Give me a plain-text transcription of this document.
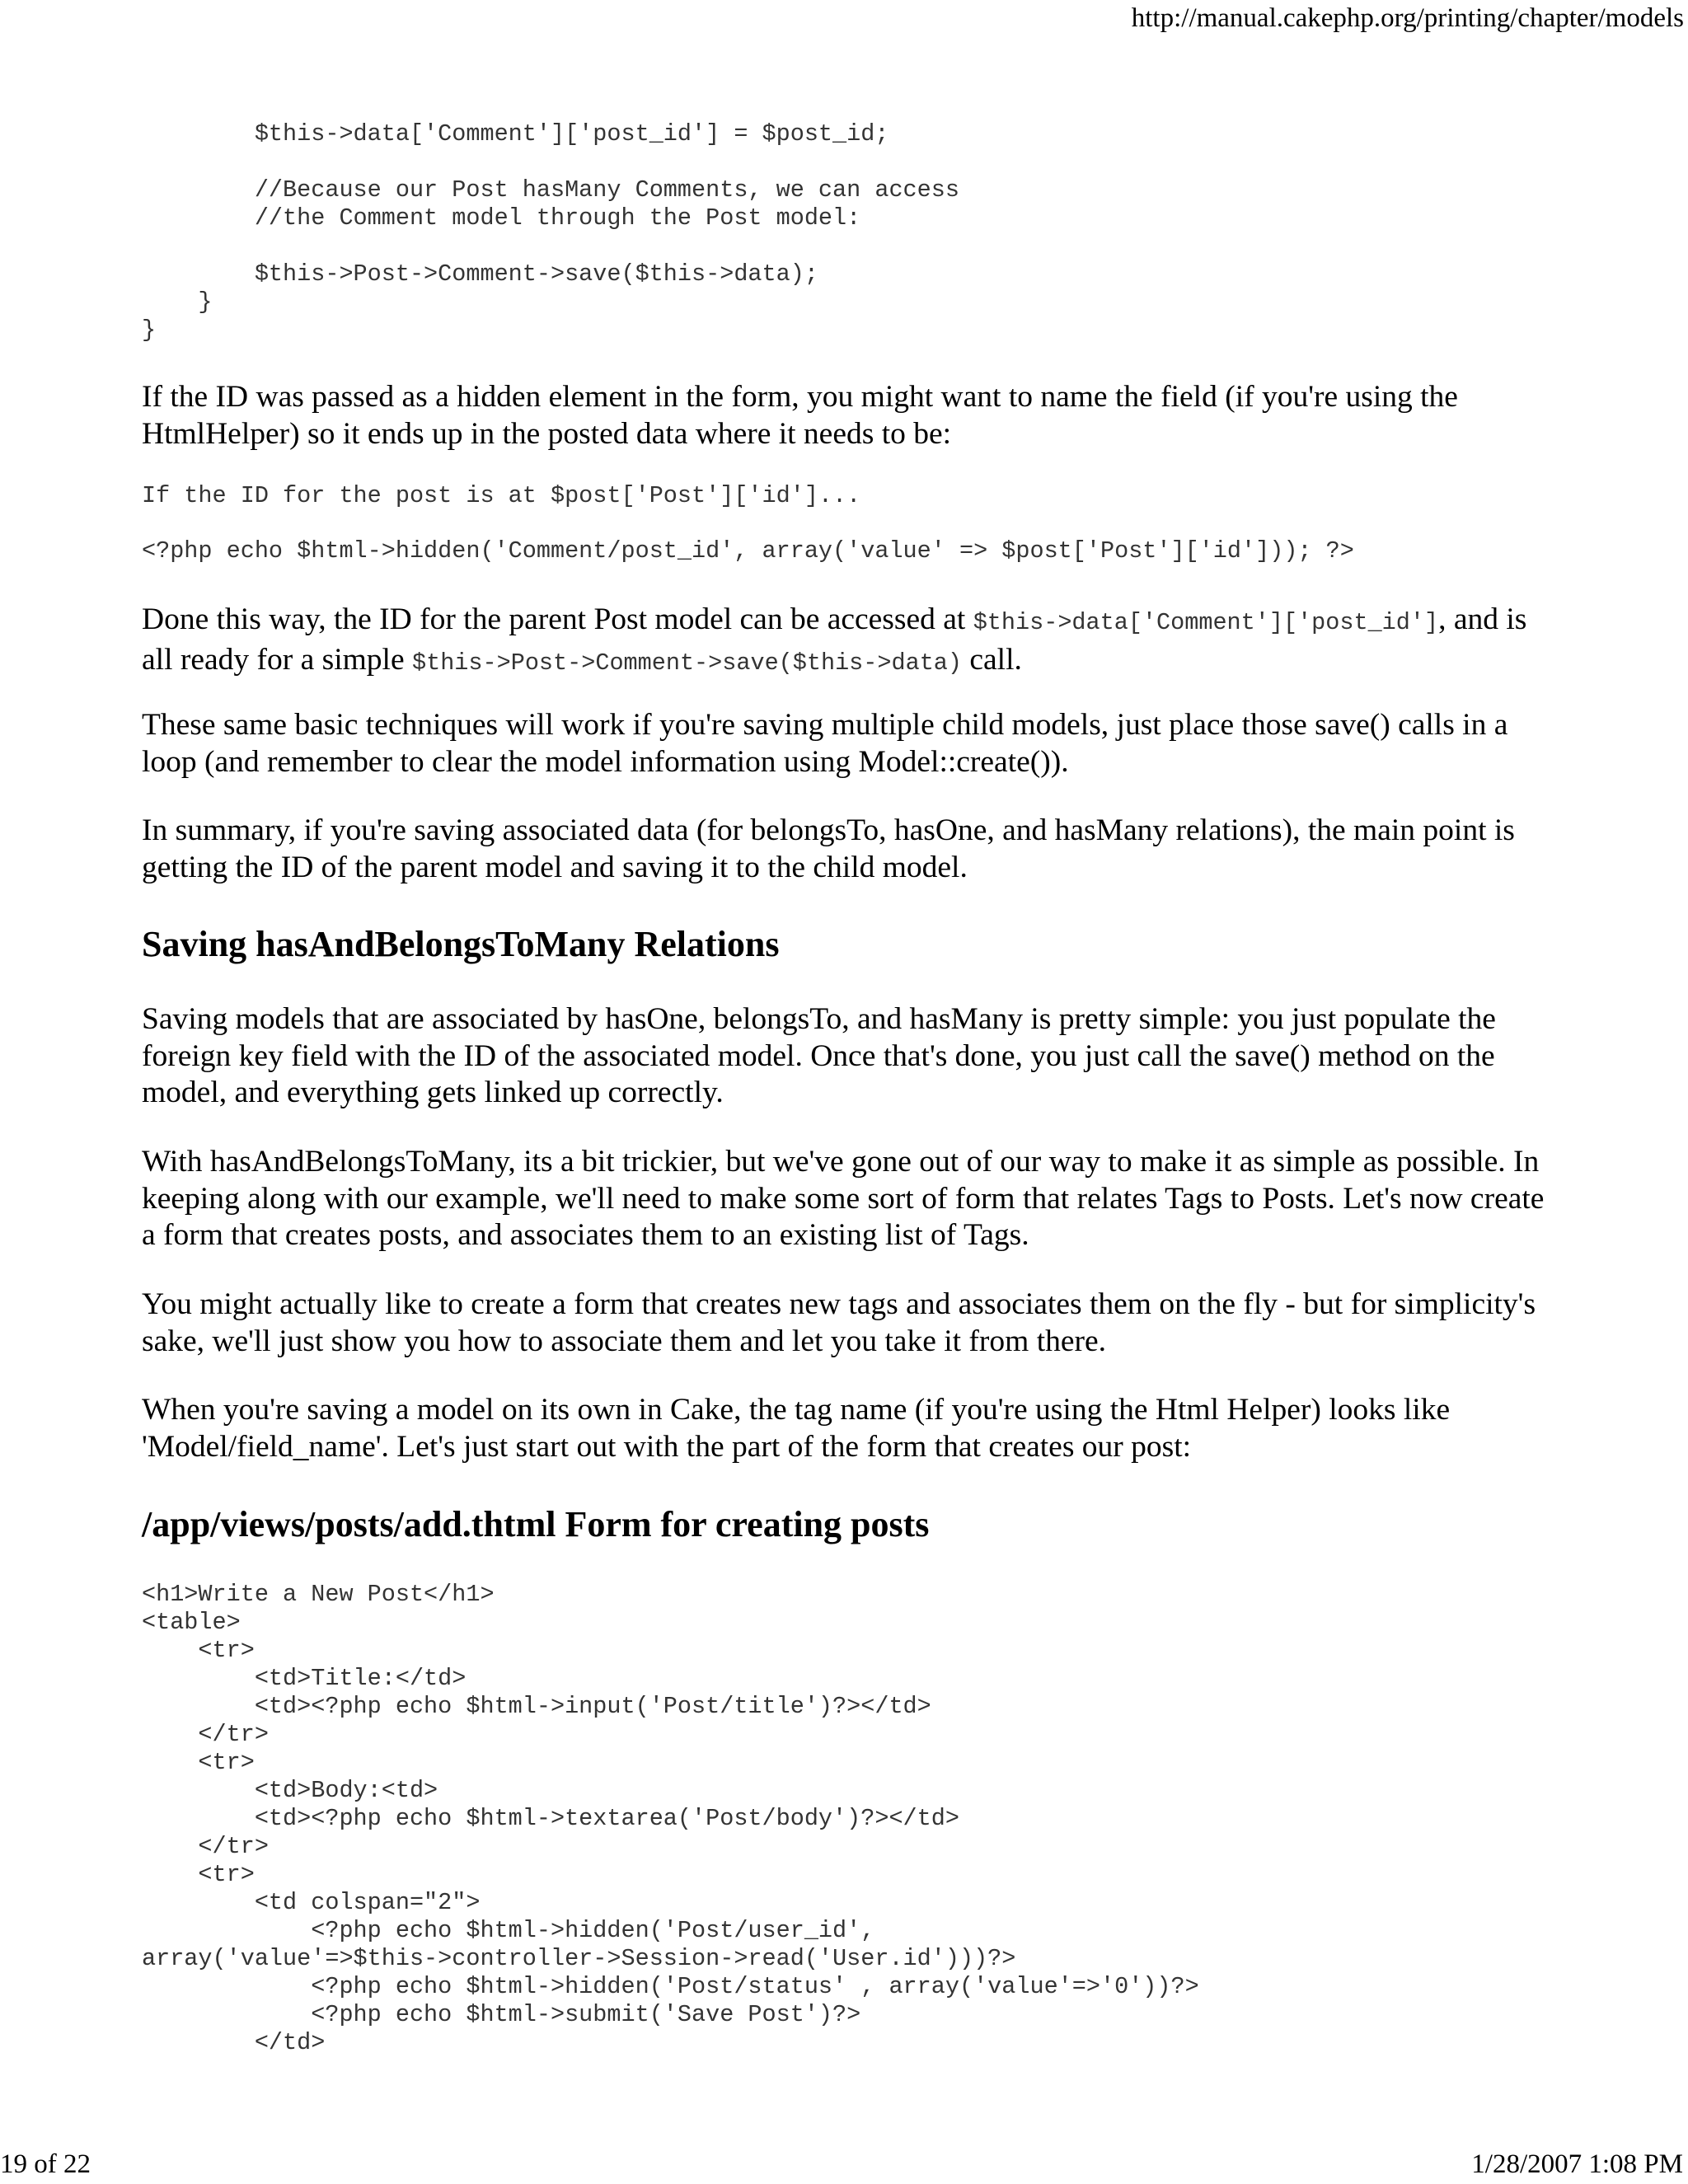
http://manual.cakephp.org/printing/chapter/models
$this->data['Comment']['post_id'] = $post_id;

//Because our Post hasMany Comments, we can access
//the Comment model through the Post model:

$this->Post->Comment->save($this->data);
}
}

If the ID was passed as a hidden element in the form, you might want to name the field (if you're using the HtmlHelper) so it ends up in the posted data where it needs to be:

If the ID for the post is at $post['Post']['id']...
<?php echo $html->hidden('Comment/post_id', array('value' => $post['Post']['id'])); ?>

Done this way, the ID for the parent Post model can be accessed at $this->data['Comment']['post_id'], and is all ready for a simple $this->Post->Comment->save($this->data) call.

These same basic techniques will work if you're saving multiple child models, just place those save() calls in a loop (and remember to clear the model information using Model::create()).

In summary, if you're saving associated data (for belongsTo, hasOne, and hasMany relations), the main point is getting the ID of the parent model and saving it to the child model.

Saving hasAndBelongsToMany Relations

Saving models that are associated by hasOne, belongsTo, and hasMany is pretty simple: you just populate the foreign key field with the ID of the associated model. Once that's done, you just call the save() method on the model, and everything gets linked up correctly.

With hasAndBelongsToMany, its a bit trickier, but we've gone out of our way to make it as simple as possible. In keeping along with our example, we'll need to make some sort of form that relates Tags to Posts. Let's now create a form that creates posts, and associates them to an existing list of Tags.

You might actually like to create a form that creates new tags and associates them on the fly - but for simplicity's sake, we'll just show you how to associate them and let you take it from there.

When you're saving a model on its own in Cake, the tag name (if you're using the Html Helper) looks like 'Model/field_name'. Let's just start out with the part of the form that creates our post:

/app/views/posts/add.thtml Form for creating posts
<h1>Write a New Post</h1>
<table>
<tr>
<td>Title:</td>
<td><?php echo $html->input('Post/title')?></td>
</tr>
<tr>
<td>Body:<td>
<td><?php echo $html->textarea('Post/body')?></td>
</tr>
<tr>
<td colspan="2">
<?php echo $html->hidden('Post/user_id',
array('value'=>$this->controller->Session->read('User.id')))?>
<?php echo $html->hidden('Post/status' , array('value'=>'0'))?>
<?php echo $html->submit('Save Post')?>
</td>
19 of 22	1/28/2007 1:08 PM
